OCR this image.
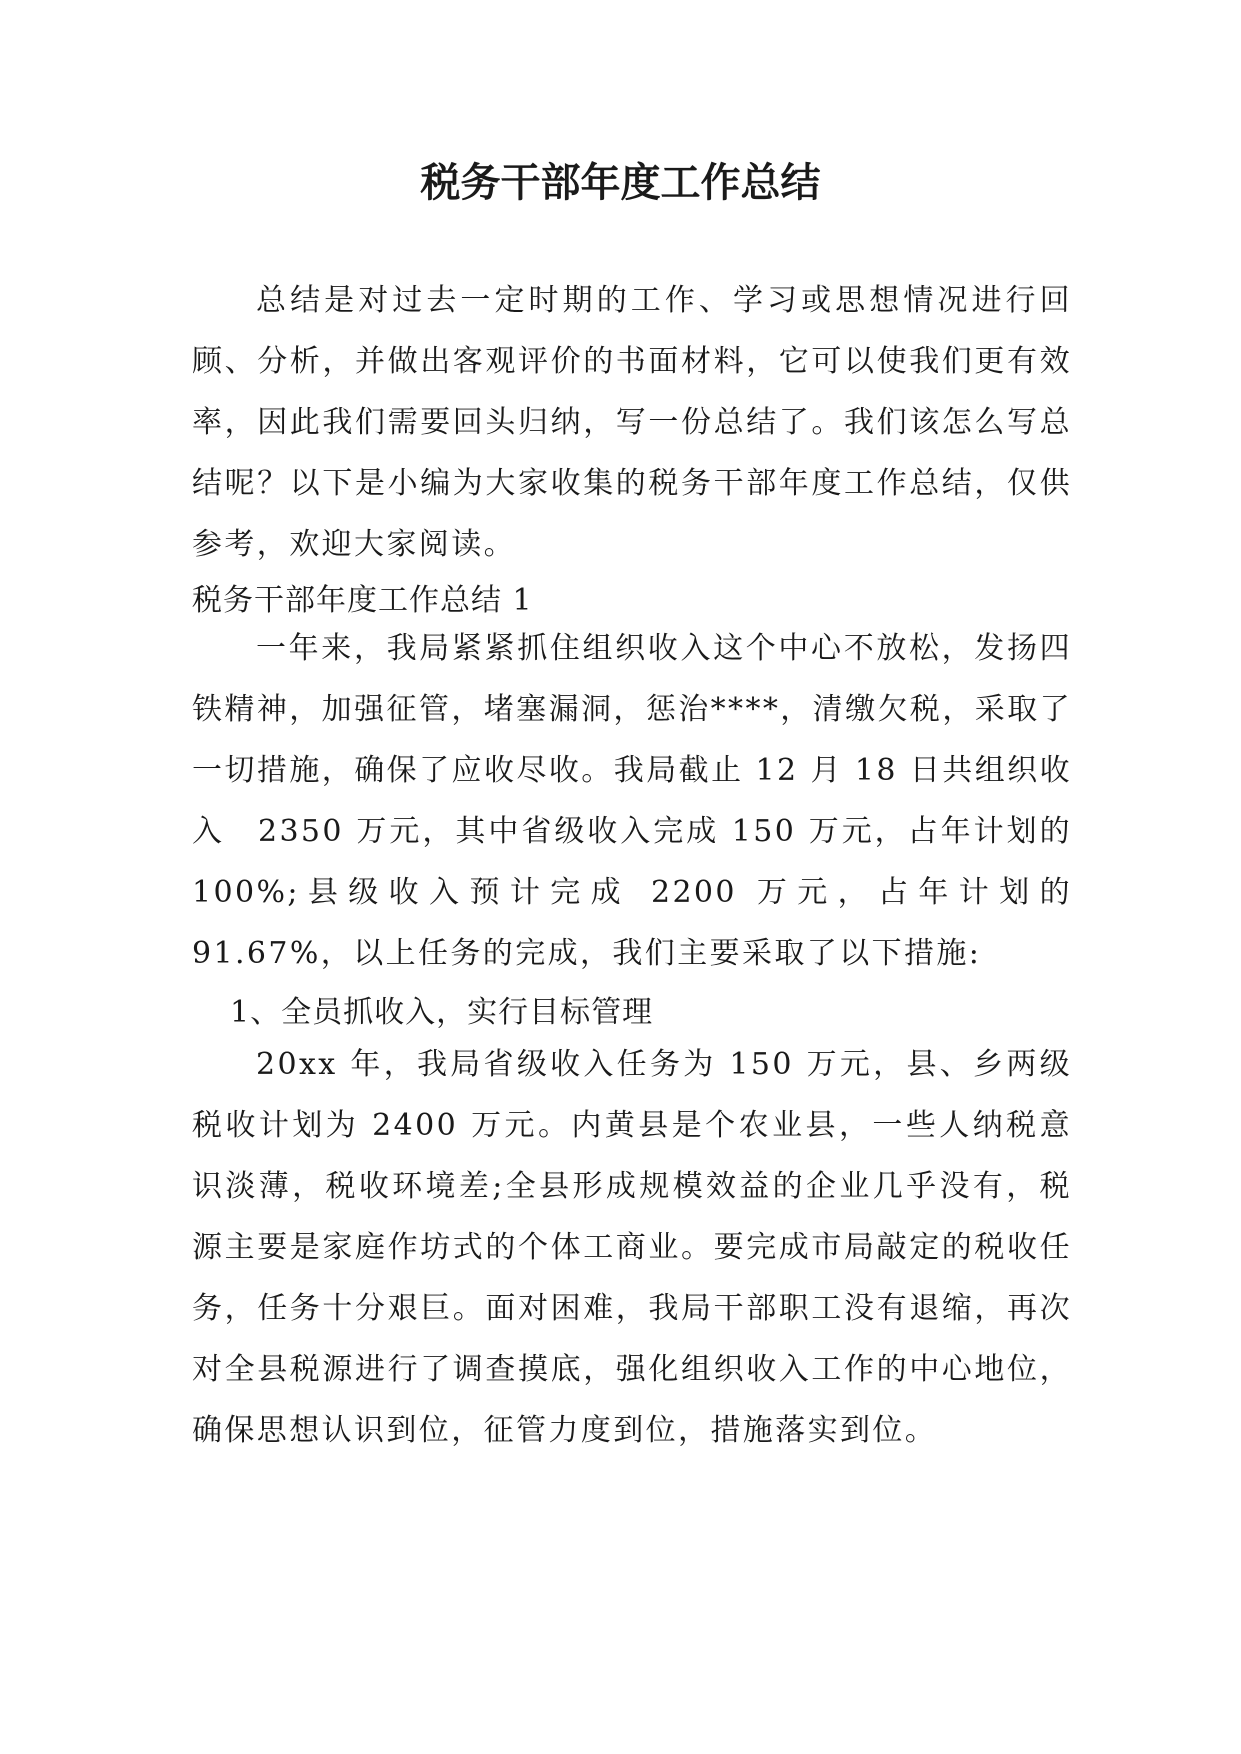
税务干部年度工作总结

总结是对过去一定时期的工作、学习或思想情况进行回顾、分析，并做出客观评价的书面材料，它可以使我们更有效率，因此我们需要回头归纳，写一份总结了。我们该怎么写总结呢？以下是小编为大家收集的税务干部年度工作总结，仅供参考，欢迎大家阅读。

税务干部年度工作总结 1

一年来，我局紧紧抓住组织收入这个中心不放松，发扬四铁精神，加强征管，堵塞漏洞，惩治****，清缴欠税，采取了一切措施，确保了应收尽收。我局截止 12 月 18 日共组织收入　2350 万元，其中省级收入完成 150 万元，占年计划的 100%;县级收入预计完成 2200 万元，占年计划的 91.67%，以上任务的完成，我们主要采取了以下措施:

1、全员抓收入，实行目标管理

20xx 年，我局省级收入任务为 150 万元，县、乡两级税收计划为 2400 万元。内黄县是个农业县，一些人纳税意识淡薄，税收环境差;全县形成规模效益的企业几乎没有，税源主要是家庭作坊式的个体工商业。要完成市局敲定的税收任务，任务十分艰巨。面对困难，我局干部职工没有退缩，再次对全县税源进行了调查摸底，强化组织收入工作的中心地位，确保思想认识到位，征管力度到位，措施落实到位。
